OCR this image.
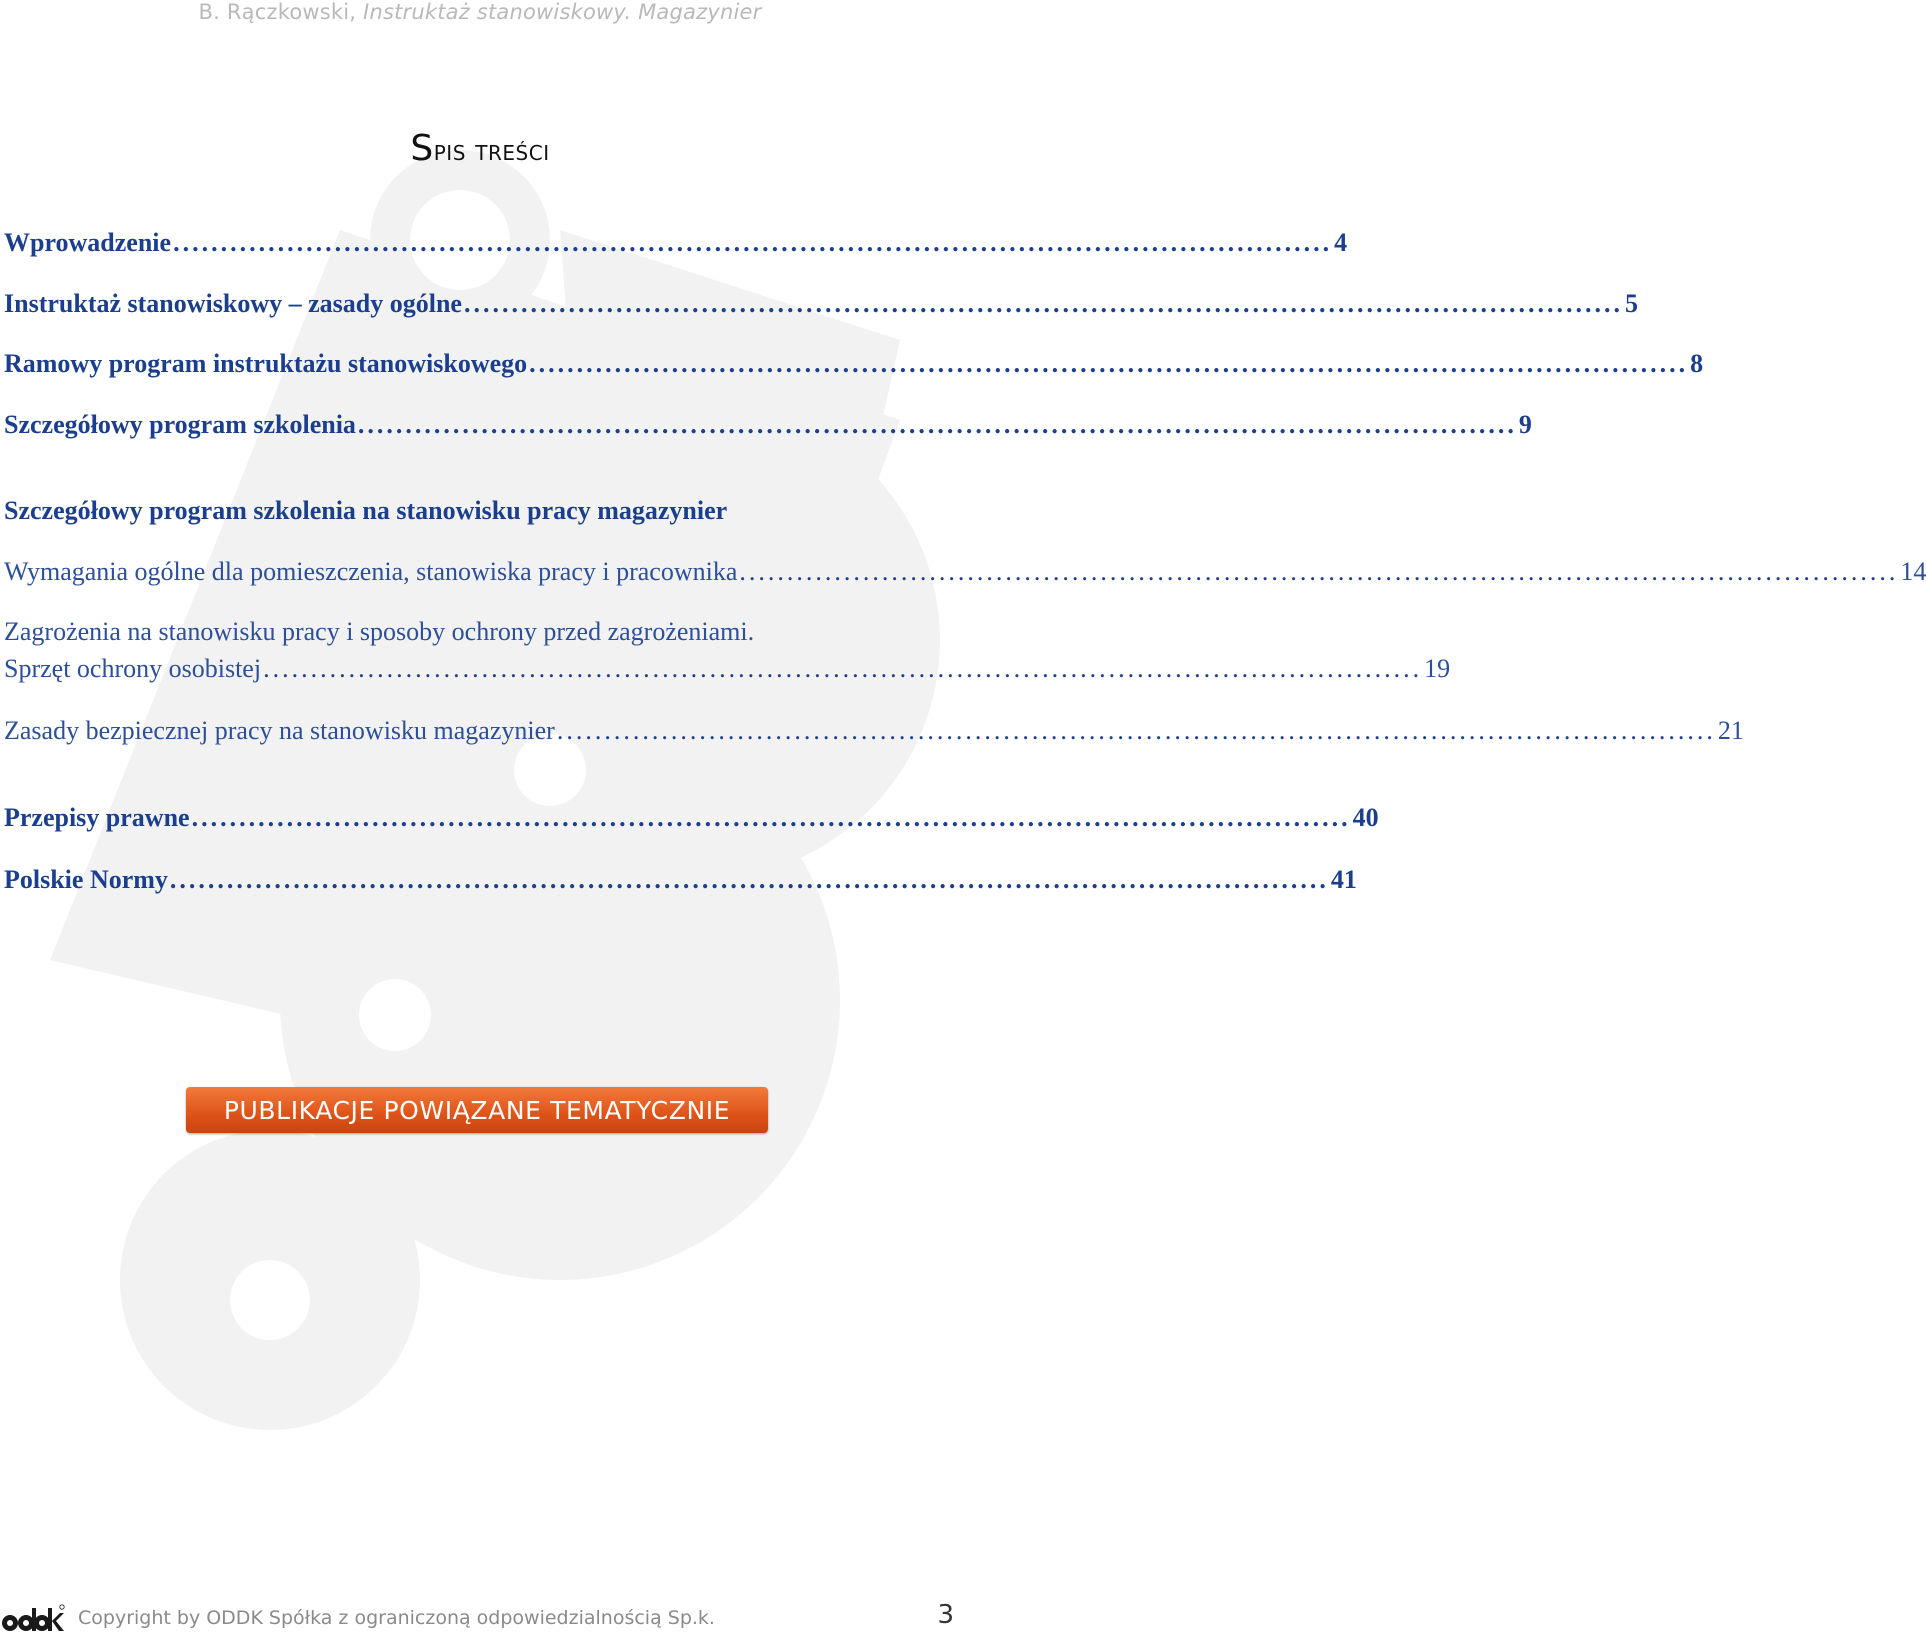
B. Rączkowski, Instruktaż stanowiskowy. Magazynier
Spis treści
Wprowadzenie .......................................................................................................................... 4
Instruktaż stanowiskowy – zasady ogólne .......................................................................................................................... 5
Ramowy program instruktażu stanowiskowego .......................................................................................................................... 8
Szczegółowy program szkolenia .......................................................................................................................... 9
Szczegółowy program szkolenia na stanowisku pracy magazynier
Wymagania ogólne dla pomieszczenia, stanowiska pracy i pracownika .......................................................................................................................... 14
Zagrożenia na stanowisku pracy i sposoby ochrony przed zagrożeniami.
Sprzęt ochrony osobistej .......................................................................................................................... 19
Zasady bezpiecznej pracy na stanowisku magazynier .......................................................................................................................... 21
Przepisy prawne .......................................................................................................................... 40
Polskie Normy .......................................................................................................................... 41
PUBLIKACJE POWIĄZANE TEMATYCZNIE
Copyright by ODDK Spółka z ograniczoną odpowiedzialnością Sp.k.	3
